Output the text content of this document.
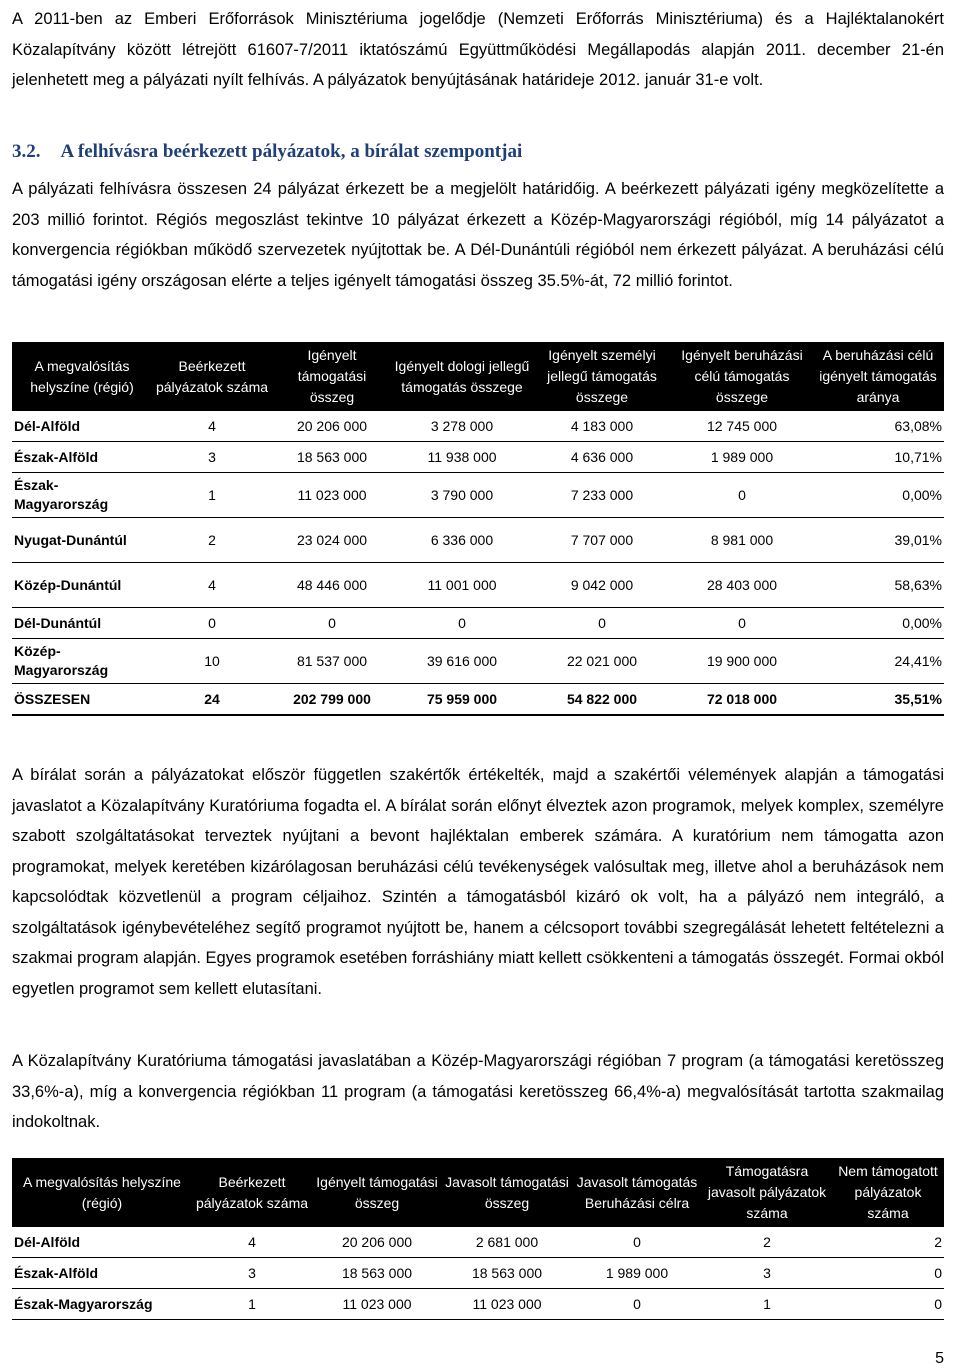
A 2011-ben az Emberi Erőforrások Minisztériuma jogelődje (Nemzeti Erőforrás Minisztériuma) és a Hajléktalanokért Közalapítvány között létrejött 61607-7/2011 iktatószámú Együttműködési Megállapodás alapján 2011. december 21-én jelenhetett meg a pályázati nyílt felhívás. A pályázatok benyújtásának határideje 2012. január 31-e volt.

3.2. A felhívásra beérkezett pályázatok, a bírálat szempontjai

A pályázati felhívásra összesen 24 pályázat érkezett be a megjelölt határidőig. A beérkezett pályázati igény megközelítette a 203 millió forintot. Régiós megoszlást tekintve 10 pályázat érkezett a Közép-Magyarországi régióból, míg 14 pályázatot a konvergencia régiókban működő szervezetek nyújtottak be. A Dél-Dunántúli régióból nem érkezett pályázat. A beruházási célú támogatási igény országosan elérte a teljes igényelt támogatási összeg 35.5%-át, 72 millió forintot.

A megvalósítás helyszíne (régió)	Beérkezett pályázatok száma	Igényelt támogatási összeg	Igényelt dologi jellegű támogatás összege	Igényelt személyi jellegű támogatás összege	Igényelt beruházási célú támogatás összege	A beruházási célú igényelt támogatás aránya
Dél-Alföld	4	20 206 000	3 278 000	4 183 000	12 745 000	63,08%
Észak-Alföld	3	18 563 000	11 938 000	4 636 000	1 989 000	10,71%
Észak-Magyarország	1	11 023 000	3 790 000	7 233 000	0	0,00%
Nyugat-Dunántúl	2	23 024 000	6 336 000	7 707 000	8 981 000	39,01%
Közép-Dunántúl	4	48 446 000	11 001 000	9 042 000	28 403 000	58,63%
Dél-Dunántúl	0	0	0	0	0	0,00%
Közép-Magyarország	10	81 537 000	39 616 000	22 021 000	19 900 000	24,41%
ÖSSZESEN	24	202 799 000	75 959 000	54 822 000	72 018 000	35,51%

A bírálat során a pályázatokat először független szakértők értékelték, majd a szakértői vélemények alapján a támogatási javaslatot a Közalapítvány Kuratóriuma fogadta el. A bírálat során előnyt élveztek azon programok, melyek komplex, személyre szabott szolgáltatásokat terveztek nyújtani a bevont hajléktalan emberek számára. A kuratórium nem támogatta azon programokat, melyek keretében kizárólagosan beruházási célú tevékenységek valósultak meg, illetve ahol a beruházások nem kapcsolódtak közvetlenül a program céljaihoz. Szintén a támogatásból kizáró ok volt, ha a pályázó nem integráló, a szolgáltatások igénybevételéhez segítő programot nyújtott be, hanem a célcsoport további szegregálását lehetett feltételezni a szakmai program alapján. Egyes programok esetében forráshiány miatt kellett csökkenteni a támogatás összegét. Formai okból egyetlen programot sem kellett elutasítani.

A Közalapítvány Kuratóriuma támogatási javaslatában a Közép-Magyarországi régióban 7 program (a támogatási keretösszeg 33,6%-a), míg a konvergencia régiókban 11 program (a támogatási keretösszeg 66,4%-a) megvalósítását tartotta szakmailag indokoltnak.

A megvalósítás helyszíne (régió)	Beérkezett pályázatok száma	Igényelt támogatási összeg	Javasolt támogatási összeg	Javasolt támogatás Beruházási célra	Támogatásra javasolt pályázatok száma	Nem támogatott pályázatok száma
Dél-Alföld	4	20 206 000	2 681 000	0	2	2
Észak-Alföld	3	18 563 000	18 563 000	1 989 000	3	0
Észak-Magyarország	1	11 023 000	11 023 000	0	1	0
5
